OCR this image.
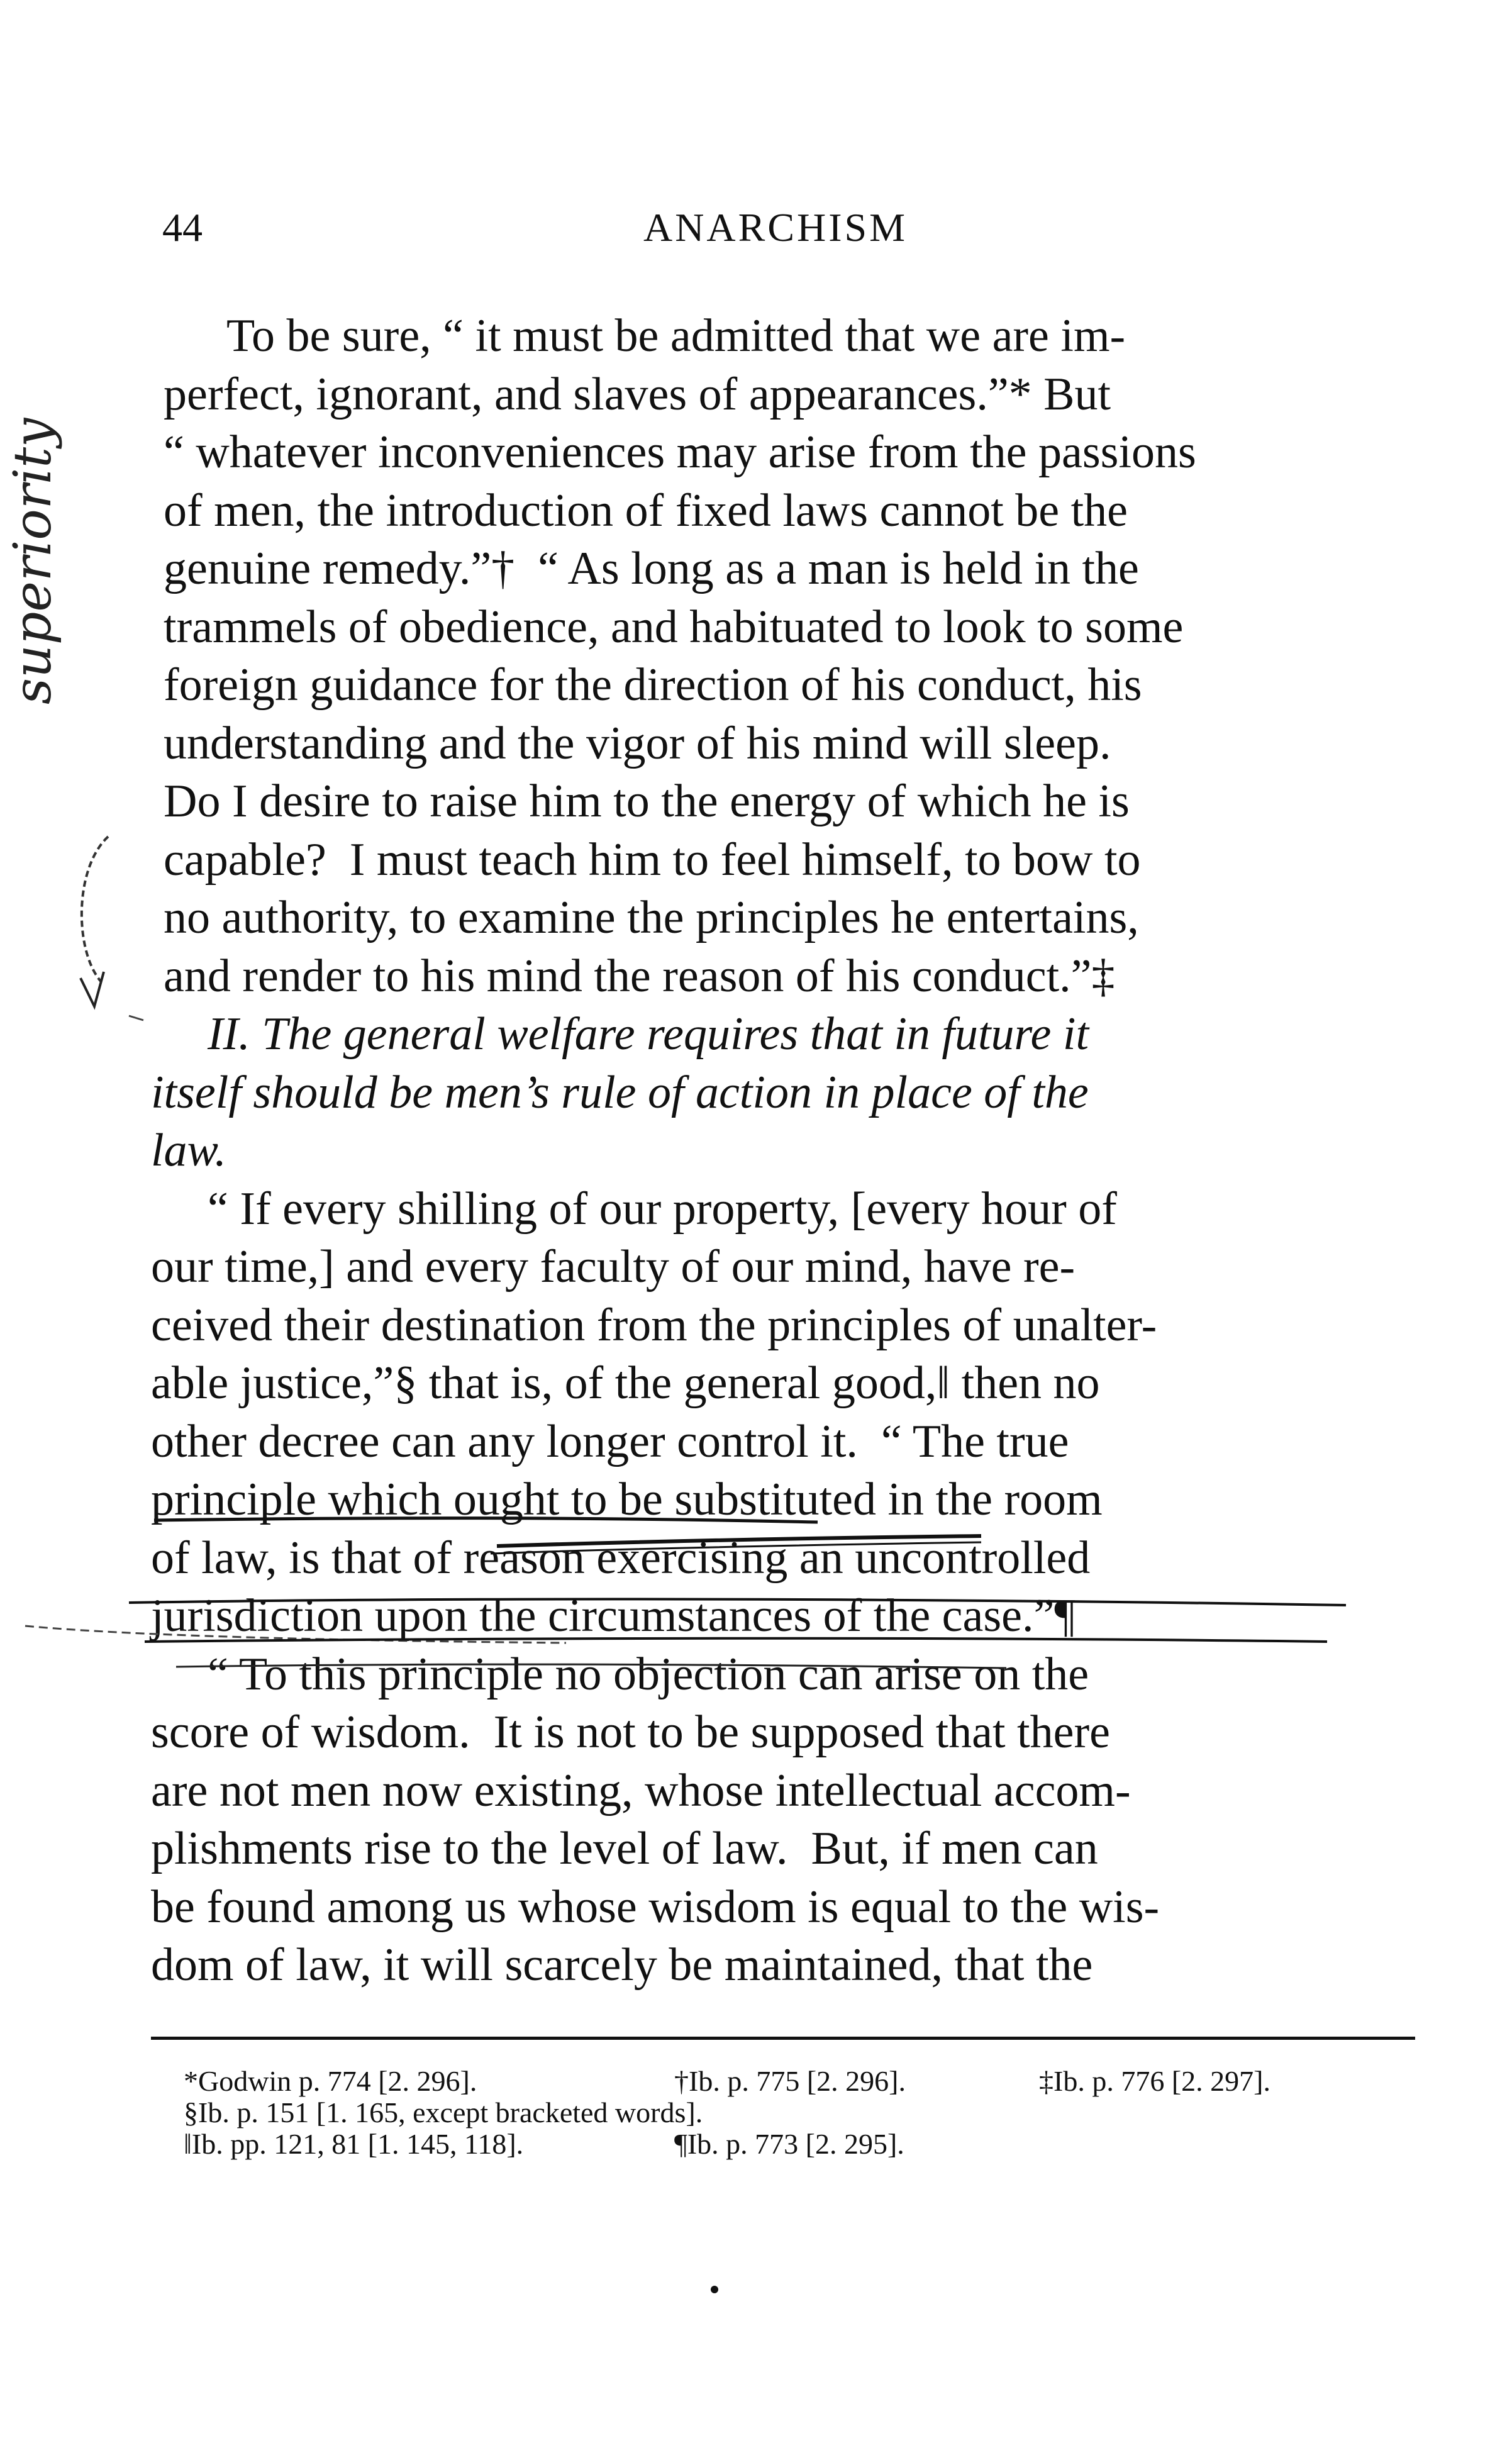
44	ANARCHISM
To be sure, “ it must be admitted that we are im-
perfect, ignorant, and slaves of appearances.”* But
“ whatever inconveniences may arise from the passions
of men, the introduction of fixed laws cannot be the
genuine remedy.”†  “ As long as a man is held in the
trammels of obedience, and habituated to look to some
foreign guidance for the direction of his conduct, his
understanding and the vigor of his mind will sleep.
Do I desire to raise him to the energy of which he is
capable?  I must teach him to feel himself, to bow to
no authority, to examine the principles he entertains,
and render to his mind the reason of his conduct.”‡
II. The general welfare requires that in future it
itself should be men’s rule of action in place of the
law.
“ If every shilling of our property, [every hour of
our time,] and every faculty of our mind, have re-
ceived their destination from the principles of unalter-
able justice,”§ that is, of the general good,‖ then no
other decree can any longer control it.  “ The true
principle which ought to be substituted in the room
of law, is that of reason exercising an uncontrolled
jurisdiction upon the circumstances of the case.”¶
“ To this principle no objection can arise on the
score of wisdom.  It is not to be supposed that there
are not men now existing, whose intellectual accom-
plishments rise to the level of law.  But, if men can
be found among us whose wisdom is equal to the wis-
dom of law, it will scarcely be maintained, that the

*Godwin p. 774 [2. 296].

	†Ib. p. 775 [2. 296].

	‡Ib. p. 776 [2. 297].

§Ib. p. 151 [1. 165, except bracketed words].

‖Ib. pp. 121, 81 [1. 145, 118].

	¶Ib. p. 773 [2. 295].

superiority
